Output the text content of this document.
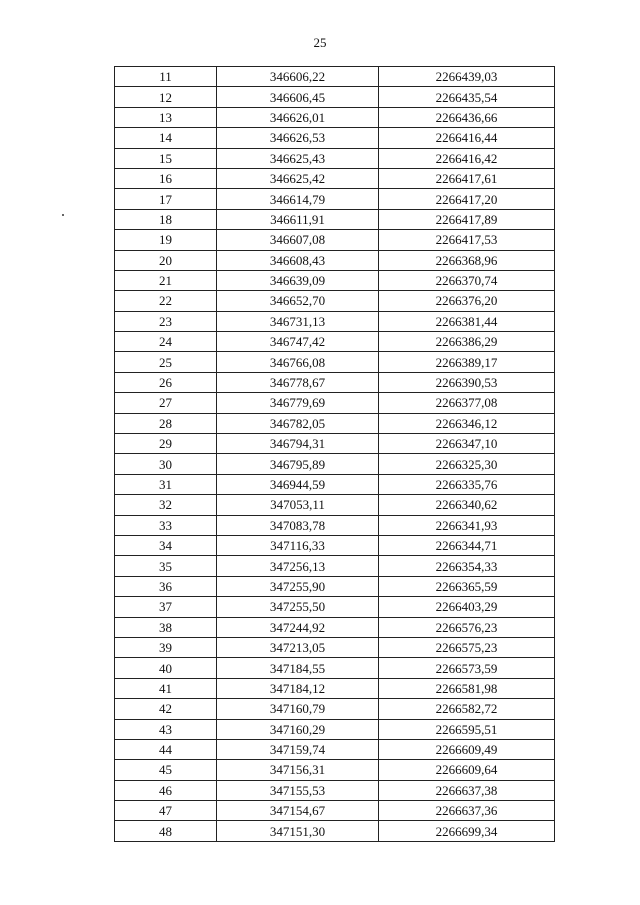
25
11	346606,22	2266439,03
12	346606,45	2266435,54
13	346626,01	2266436,66
14	346626,53	2266416,44
15	346625,43	2266416,42
16	346625,42	2266417,61
17	346614,79	2266417,20
18	346611,91	2266417,89
19	346607,08	2266417,53
20	346608,43	2266368,96
21	346639,09	2266370,74
22	346652,70	2266376,20
23	346731,13	2266381,44
24	346747,42	2266386,29
25	346766,08	2266389,17
26	346778,67	2266390,53
27	346779,69	2266377,08
28	346782,05	2266346,12
29	346794,31	2266347,10
30	346795,89	2266325,30
31	346944,59	2266335,76
32	347053,11	2266340,62
33	347083,78	2266341,93
34	347116,33	2266344,71
35	347256,13	2266354,33
36	347255,90	2266365,59
37	347255,50	2266403,29
38	347244,92	2266576,23
39	347213,05	2266575,23
40	347184,55	2266573,59
41	347184,12	2266581,98
42	347160,79	2266582,72
43	347160,29	2266595,51
44	347159,74	2266609,49
45	347156,31	2266609,64
46	347155,53	2266637,38
47	347154,67	2266637,36
48	347151,30	2266699,34
